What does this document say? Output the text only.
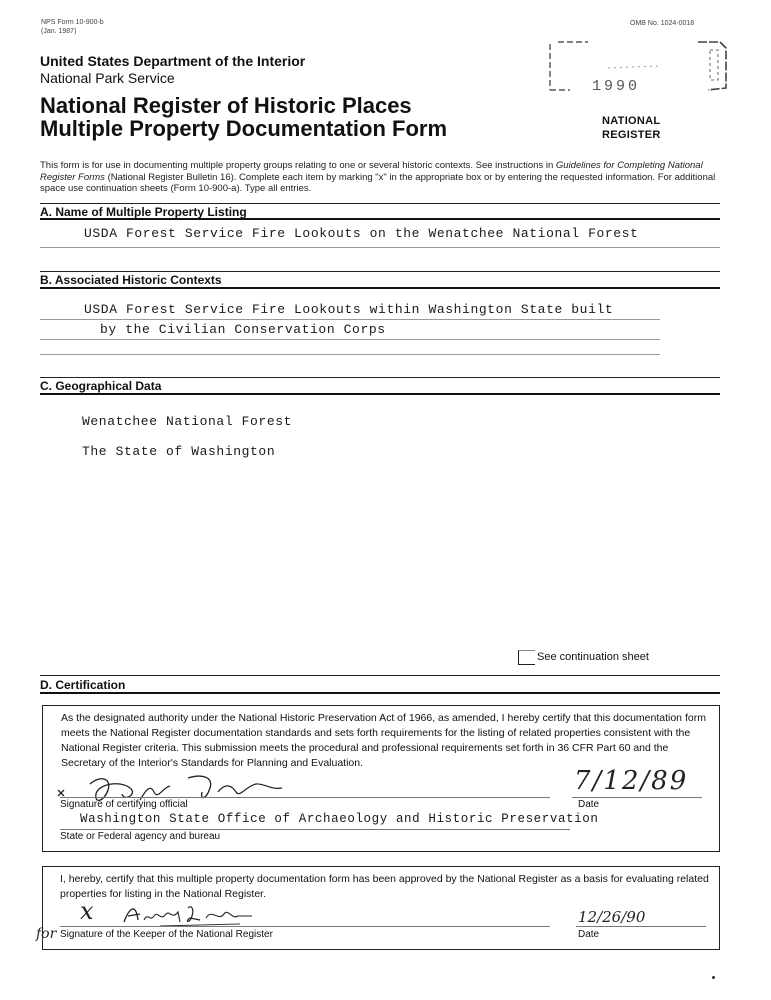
NPS Form 10-900-b
(Jan. 1987)
OMB No. 1024-0018
United States Department of the Interior
National Park Service
National Register of Historic Places
Multiple Property Documentation Form
1990
NATIONAL
REGISTER
This form is for use in documenting multiple property groups relating to one or several historic contexts. See instructions in Guidelines for Completing National Register Forms (National Register Bulletin 16). Complete each item by marking "x" in the appropriate box or by entering the requested information. For additional space use continuation sheets (Form 10-900-a). Type all entries.
A. Name of Multiple Property Listing
USDA Forest Service Fire Lookouts on the Wenatchee National Forest
B. Associated Historic Contexts
USDA Forest Service Fire Lookouts within Washington State built
by the Civilian Conservation Corps
C. Geographical Data
Wenatchee National Forest
The State of Washington
See continuation sheet
D. Certification
As the designated authority under the National Historic Preservation Act of 1966, as amended, I hereby certify that this documentation form meets the National Register documentation standards and sets forth requirements for the listing of related properties consistent with the National Register criteria. This submission meets the procedural and professional requirements set forth in 36 CFR Part 60 and the Secretary of the Interior's Standards for Planning and Evaluation.
Signature of certifying official
7/12/89
Date
Washington State Office of Archaeology and Historic Preservation
State or Federal agency and bureau
I, hereby, certify that this multiple property documentation form has been approved by the National Register as a basis for evaluating related properties for listing in the National Register.
x
for Signature of the Keeper of the National Register
12/26/90
Date
